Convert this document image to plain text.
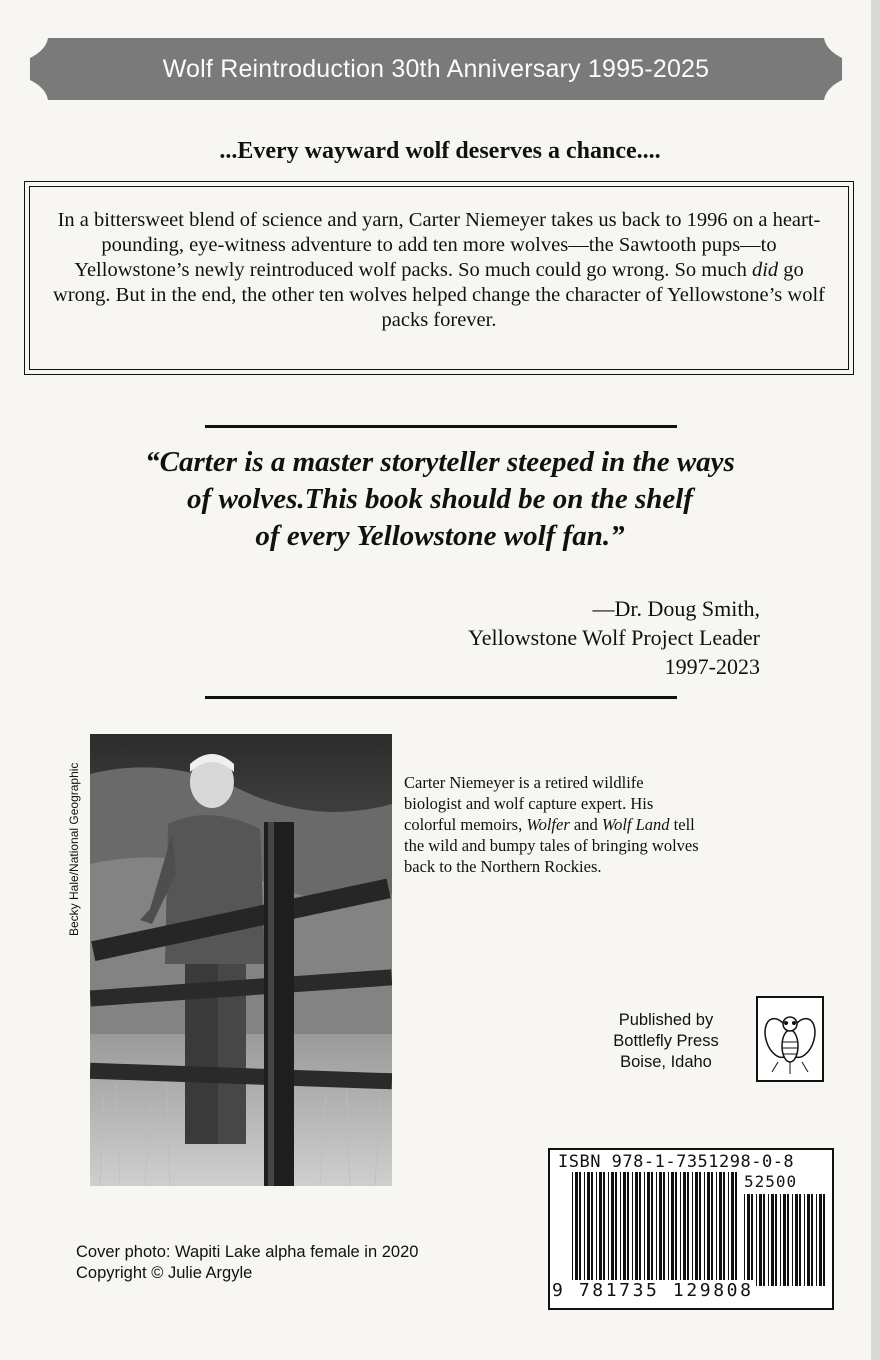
Wolf Reintroduction 30th Anniversary 1995-2025
...Every wayward wolf deserves a chance....
In a bittersweet blend of science and yarn, Carter Niemeyer takes us back to 1996 on a heart-pounding, eye-witness adventure to add ten more wolves—the Sawtooth pups—to Yellowstone’s newly reintroduced wolf packs. So much could go wrong. So much did go wrong. But in the end, the other ten wolves helped change the character of Yellowstone’s wolf packs forever.
“Carter is a master storyteller steeped in the ways
of wolves.This book should be on the shelf
of every Yellowstone wolf fan.”
—Dr. Doug Smith,
Yellowstone Wolf Project Leader
1997-2023
Becky Hale/National Geographic	Carter Niemeyer is a retired wildlife biologist and wolf capture expert. His colorful memoirs, Wolfer and Wolf Land tell the wild and bumpy tales of bringing wolves back to the Northern Rockies.
Published by
Bottlefly Press
Boise, Idaho
Cover photo: Wapiti Lake alpha female in 2020
Copyright © Julie Argyle
ISBN 978-1-7351298-0-8
52500
9 781735 129808
